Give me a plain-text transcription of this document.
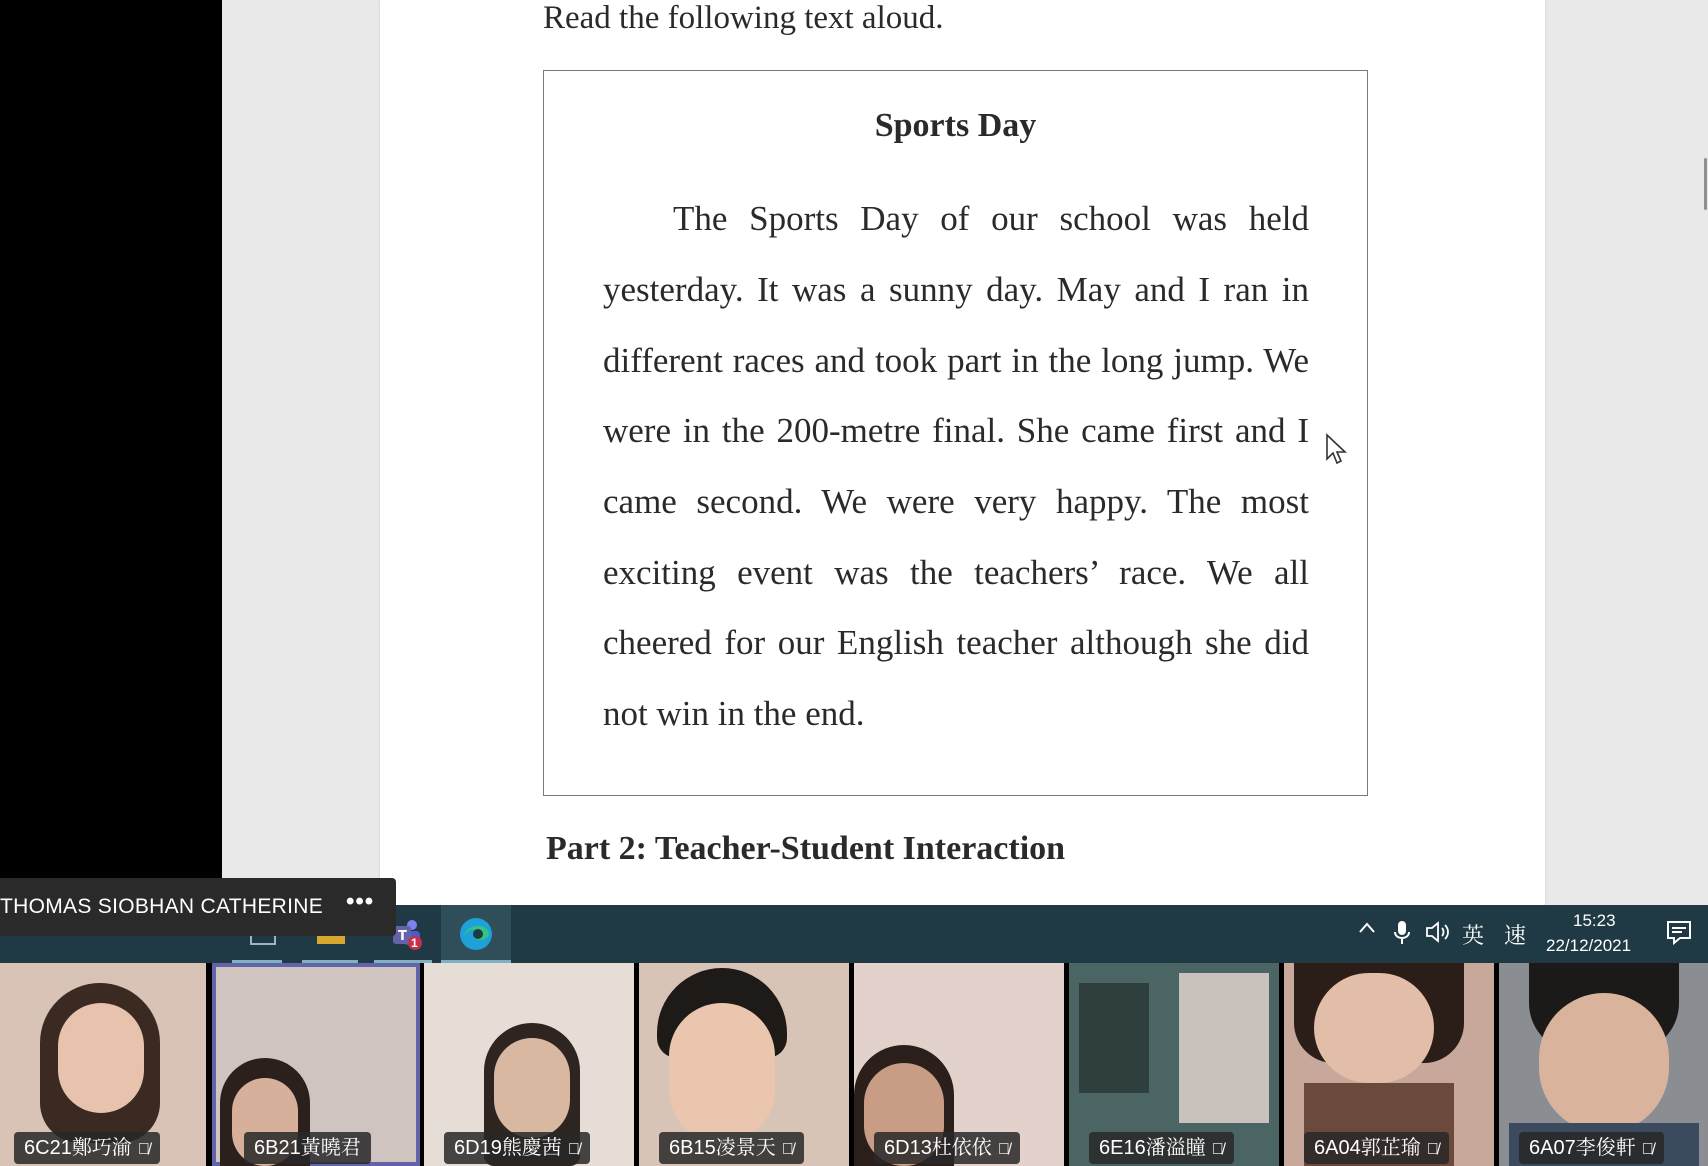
Read the following text aloud.
Sports Day
The Sports Day of our school was held
yesterday. It was a sunny day. May and I ran in
different races and took part in the long jump. We
were in the 200-metre final. She came first and I
came second. We were very happy. The most
exciting event was the teachers’ race. We all
cheered for our English teacher although she did
not win in the end.
Part 2: Teacher-Student Interaction
T 1	英 速
15:23
22/12/2021
THOMAS SIOBHAN CATHERINE •••
6C21鄭巧渝 🎙̸	6B21黃曉君	6D19熊慶茜 🎙̸	6B15凌景天 🎙̸	6D13杜依依 🎙̸	6E16潘溢瞳 🎙̸	6A04郭芷瑜 🎙̸	6A07李俊軒 🎙̸
